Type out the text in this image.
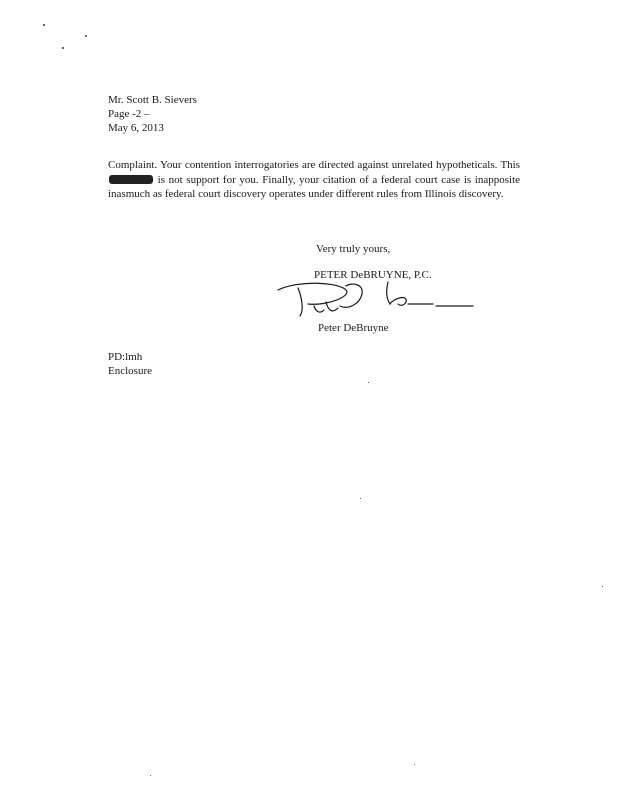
Mr. Scott B. Sievers
Page -2 –
May 6, 2013
Complaint. Your contention interrogatories are directed against unrelated hypotheticals. This  is not support for you. Finally, your citation of a federal court case is inapposite inasmuch as federal court discovery operates under different rules from Illinois discovery.
Very truly yours,
PETER DeBRUYNE, P.C.
Peter DeBruyne
PD:lmh
Enclosure
